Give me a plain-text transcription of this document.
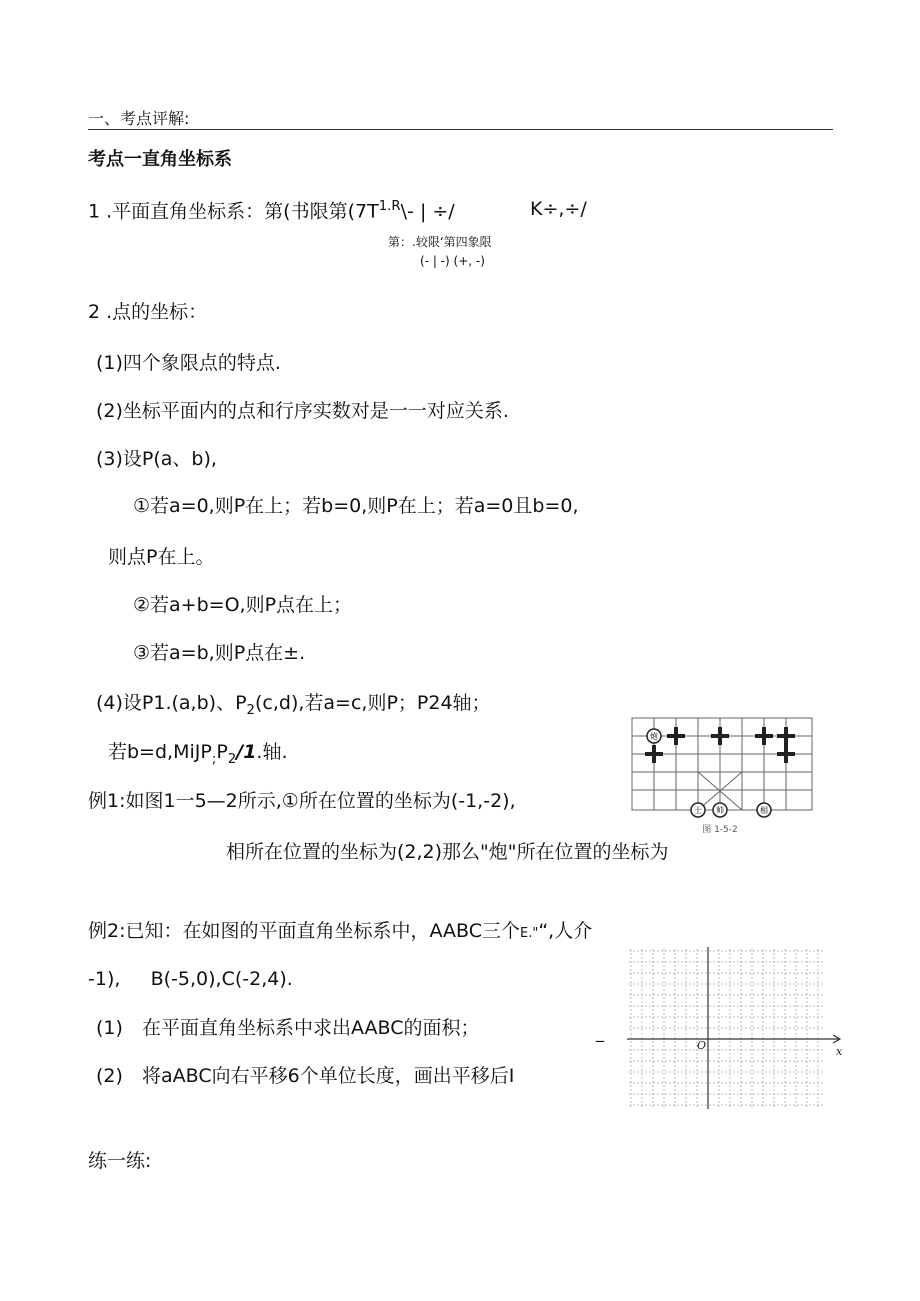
一、考点评解:
考点一直角坐标系
1 .平面直角坐标系：第(书限第($7T^{1.R}\backslash-$ | ÷/	K÷,÷/
第：.较限‘第四象限
(- | -) (+, -)
2 .点的坐标：
(1)四个象限点的特点.
(2)坐标平面内的点和行序实数对是一一对应关系.
(3)设P(a、b),
①若a=0,则P在上；若b=0,则P在上；若a=0且b=0,
则点P在上。
②若a+b=O,则P点在上；
③若a=b,则P点在±.
(4)设P1.(a,b)、$P_2(c,d)$,若a=c,则P；P24轴；
若$b=d,MiJP_;P_2/1$.轴.
例1:如图1一5—2所示,①所在位置的坐标为(-1,-2),
相所在位置的坐标为(2,2)那么"炮"所在位置的坐标为
炮
士 帅	相
图 1-5-2
例2:已知：在如图的平面直角坐标系中，AABC三个E."“,人介
-1),     B(-5,0),C(-2,4).
(1) 在平面直角坐标系中求出AABC的面积；
(2) 将aABC向右平移6个单位长度，画出平移后I
_
O	x
练一练:
